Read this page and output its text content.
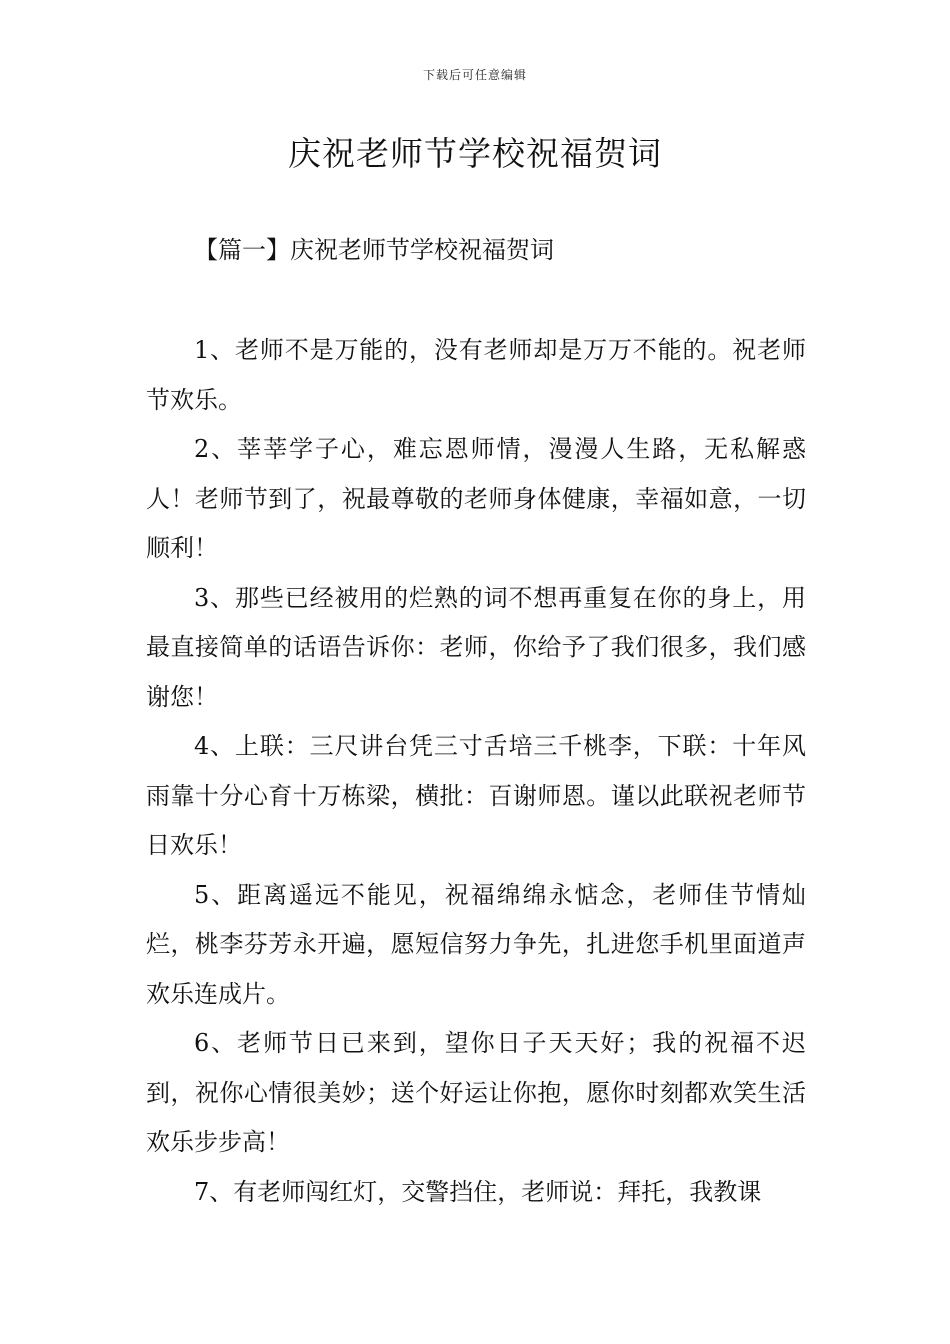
下载后可任意编辑
庆祝老师节学校祝福贺词
【篇一】庆祝老师节学校祝福贺词

1、老师不是万能的，没有老师却是万万不能的。祝老师节欢乐。

2、莘莘学子心，难忘恩师情，漫漫人生路，无私解惑人！老师节到了，祝最尊敬的老师身体健康，幸福如意，一切顺利！

3、那些已经被用的烂熟的词不想再重复在你的身上，用最直接简单的话语告诉你：老师，你给予了我们很多，我们感谢您！

4、上联：三尺讲台凭三寸舌培三千桃李，下联：十年风雨靠十分心育十万栋梁，横批：百谢师恩。谨以此联祝老师节日欢乐！

5、距离遥远不能见，祝福绵绵永惦念，老师佳节情灿烂，桃李芬芳永开遍，愿短信努力争先，扎进您手机里面道声欢乐连成片。

6、老师节日已来到，望你日子天天好；我的祝福不迟到，祝你心情很美妙；送个好运让你抱，愿你时刻都欢笑生活欢乐步步高！

7、有老师闯红灯，交警挡住，老师说：拜托，我教课
